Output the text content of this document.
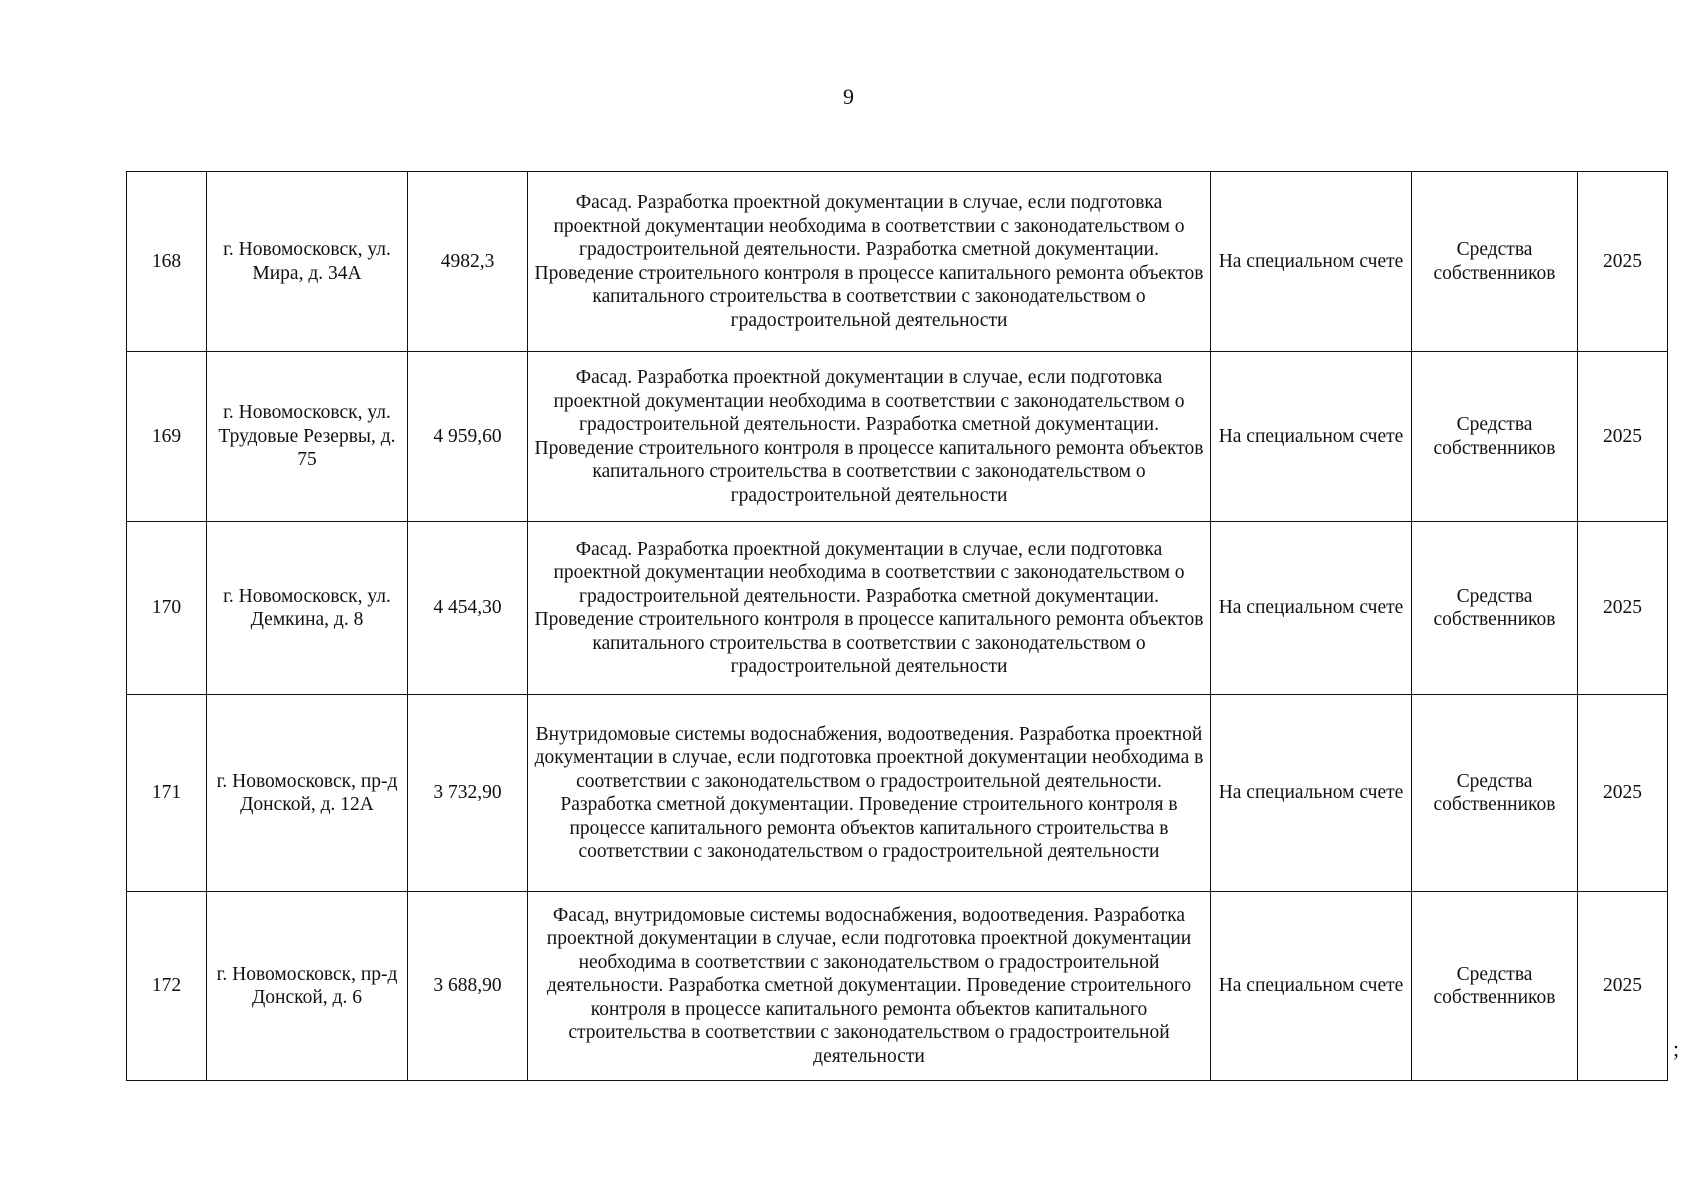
9
168	г. Новомосковск, ул. Мира, д. 34А	4982,3	Фасад. Разработка проектной документации в случае, если подготовка проектной документации необходима в соответствии с законодательством о градостроительной деятельности. Разработка сметной документации. Проведение строительного контроля в процессе капитального ремонта объектов капитального строительства в соответствии с законодательством о градостроительной деятельности	На специальном счете	Средства собственников	2025
169	г. Новомосковск, ул. Трудовые Резервы, д. 75	4 959,60	Фасад. Разработка проектной документации в случае, если подготовка проектной документации необходима в соответствии с законодательством о градостроительной деятельности. Разработка сметной документации. Проведение строительного контроля в процессе капитального ремонта объектов капитального строительства в соответствии с законодательством о градостроительной деятельности	На специальном счете	Средства собственников	2025
170	г. Новомосковск, ул. Демкина, д. 8	4 454,30	Фасад. Разработка проектной документации в случае, если подготовка проектной документации необходима в соответствии с законодательством о градостроительной деятельности. Разработка сметной документации. Проведение строительного контроля в процессе капитального ремонта объектов капитального строительства в соответствии с законодательством о градостроительной деятельности	На специальном счете	Средства собственников	2025
171	г. Новомосковск, пр-д Донской, д. 12А	3 732,90	Внутридомовые системы водоснабжения, водоотведения. Разработка проектной документации в случае, если подготовка проектной документации необходима в соответствии с законодательством о градостроительной деятельности. Разработка сметной документации. Проведение строительного контроля в процессе капитального ремонта объектов капитального строительства в соответствии с законодательством о градостроительной деятельности	На специальном счете	Средства собственников	2025
172	г. Новомосковск, пр-д Донской, д. 6	3 688,90	Фасад, внутридомовые системы водоснабжения, водоотведения. Разработка проектной документации в случае, если подготовка проектной документации необходима в соответствии с законодательством о градостроительной деятельности. Разработка сметной документации. Проведение строительного контроля в процессе капитального ремонта объектов капитального строительства в соответствии с законодательством о градостроительной деятельности	На специальном счете	Средства собственников	2025
;
